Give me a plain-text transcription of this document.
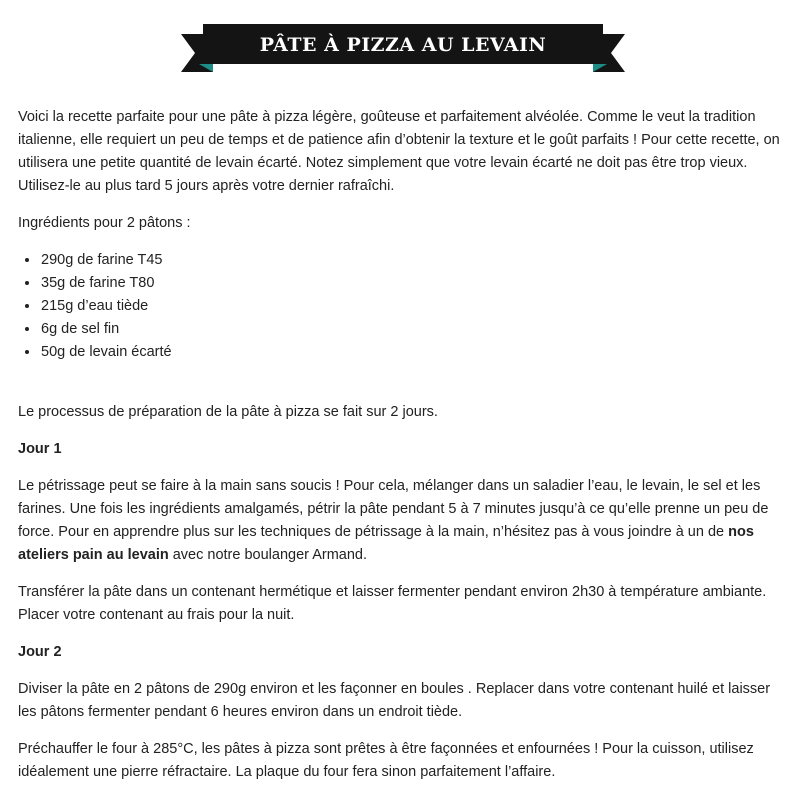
PÂTE À PIZZA AU LEVAIN

Voici la recette parfaite pour une pâte à pizza légère, goûteuse et parfaitement alvéolée. Comme le veut la tradition italienne, elle requiert un peu de temps et de patience afin d’obtenir la texture et le goût parfaits ! Pour cette recette, on utilisera une petite quantité de levain écarté. Notez simplement que votre levain écarté ne doit pas être trop vieux. Utilisez-le au plus tard 5 jours après votre dernier rafraîchi.

Ingrédients pour 2 pâtons :

• 290g de farine T45
• 35g de farine T80
• 215g d’eau tiède
• 6g de sel fin
• 50g de levain écarté

Le processus de préparation de la pâte à pizza se fait sur 2 jours.

Jour 1

Le pétrissage peut se faire à la main sans soucis ! Pour cela, mélanger dans un saladier l’eau, le levain, le sel et les farines. Une fois les ingrédients amalgamés, pétrir la pâte pendant 5 à 7 minutes jusqu’à ce qu’elle prenne un peu de force. Pour en apprendre plus sur les techniques de pétrissage à la main, n’hésitez pas à vous joindre à un de nos ateliers pain au levain avec notre boulanger Armand.

Transférer la pâte dans un contenant hermétique et laisser fermenter pendant environ 2h30 à température ambiante. Placer votre contenant au frais pour la nuit.

Jour 2

Diviser la pâte en 2 pâtons de 290g environ et les façonner en boules . Replacer dans votre contenant huilé et laisser les pâtons fermenter pendant 6 heures environ dans un endroit tiède.

Préchauffer le four à 285°C, les pâtes à pizza sont prêtes à être façonnées et enfournées ! Pour la cuisson, utilisez idéalement une pierre réfractaire. La plaque du four fera sinon parfaitement l’affaire.
